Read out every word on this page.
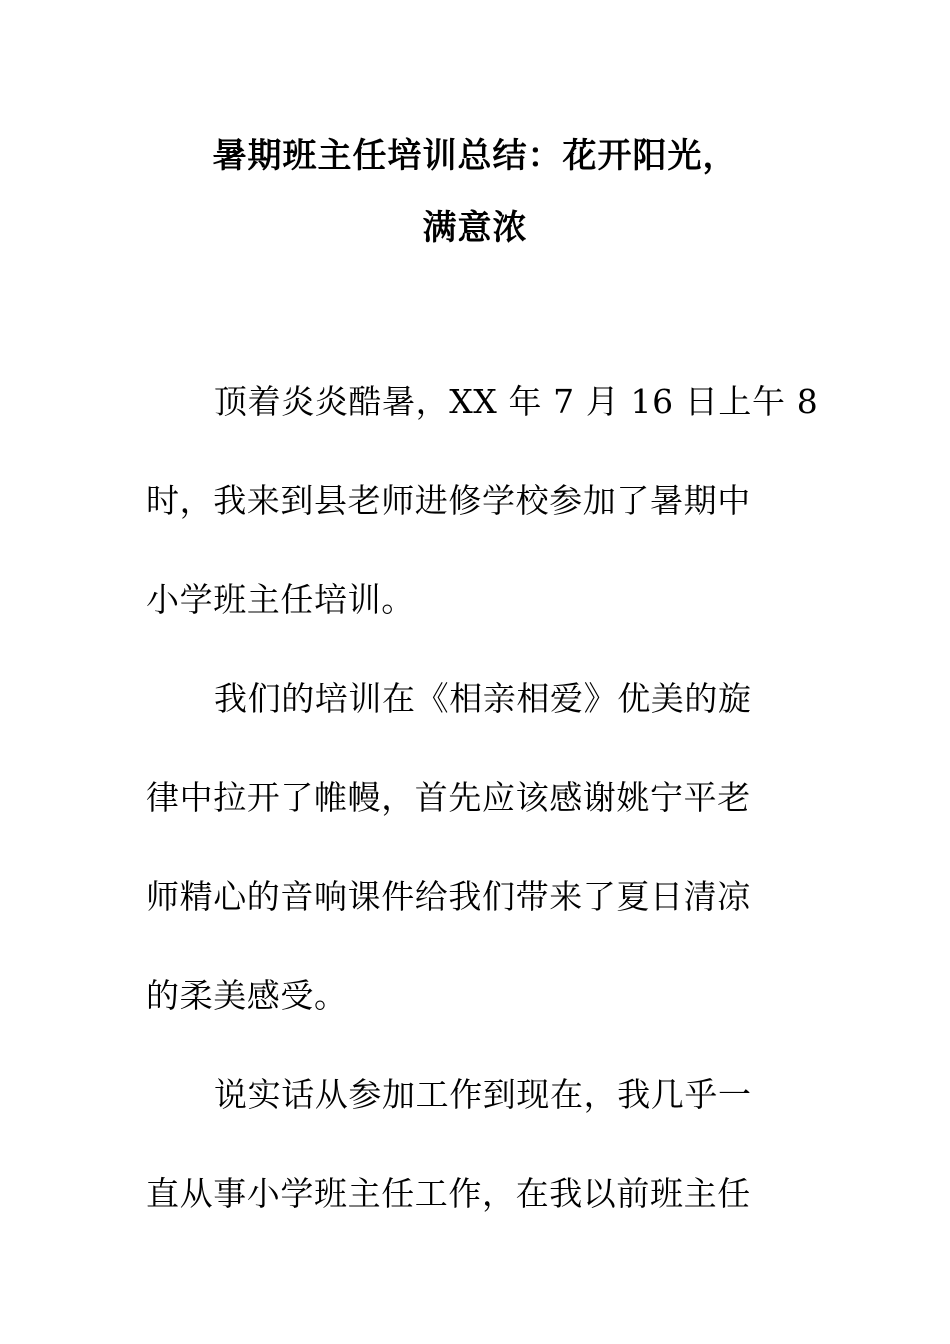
暑期班主任培训总结：花开阳光，
满意浓
顶着炎炎酷暑，XX 年 7 月 16 日上午 8
时，我来到县老师进修学校参加了暑期中
小学班主任培训。
我们的培训在《相亲相爱》优美的旋
律中拉开了帷幔，首先应该感谢姚宁平老
师精心的音响课件给我们带来了夏日清凉
的柔美感受。
说实话从参加工作到现在，我几乎一
直从事小学班主任工作，在我以前班主任
